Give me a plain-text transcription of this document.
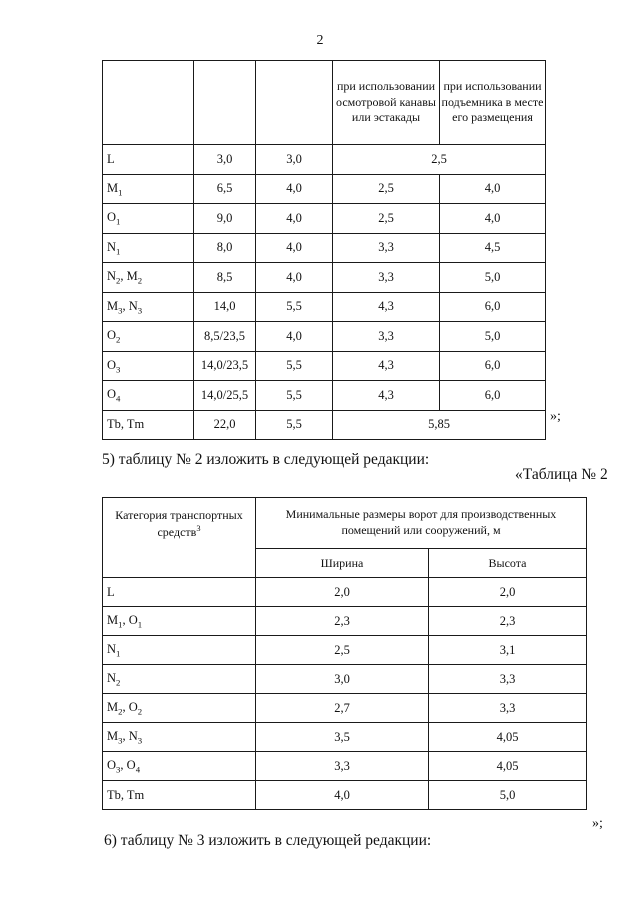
2
			при использовании осмотровой канавы или эстакады	при использовании подъемника в месте его размещения
L	3,0	3,0	2,5	
$M_1$	6,5	4,0	2,5	4,0
$O_1$	9,0	4,0	2,5	4,0
$N_1$	8,0	4,0	3,3	4,5
$N_2$, $M_2$	8,5	4,0	3,3	5,0
$M_3$, $N_3$	14,0	5,5	4,3	6,0
$O_2$	8,5/23,5	4,0	3,3	5,0
$O_3$	14,0/23,5	5,5	4,3	6,0
$O_4$	14,0/25,5	5,5	4,3	6,0
Tb, Tm	22,0	5,5	5,85	
»;
5) таблицу № 2 изложить в следующей редакции:
«Таблица № 2
Категория транспортных средств$^3$	Минимальные размеры ворот для производственных помещений или сооружений, м	
	Ширина	Высота
L	2,0	2,0
$M_1$, $O_1$	2,3	2,3
$N_1$	2,5	3,1
$N_2$	3,0	3,3
$M_2$, $O_2$	2,7	3,3
$M_3$, $N_3$	3,5	4,05
$O_3$, $O_4$	3,3	4,05
Tb, Tm	4,0	5,0
»;
6) таблицу № 3 изложить в следующей редакции:
